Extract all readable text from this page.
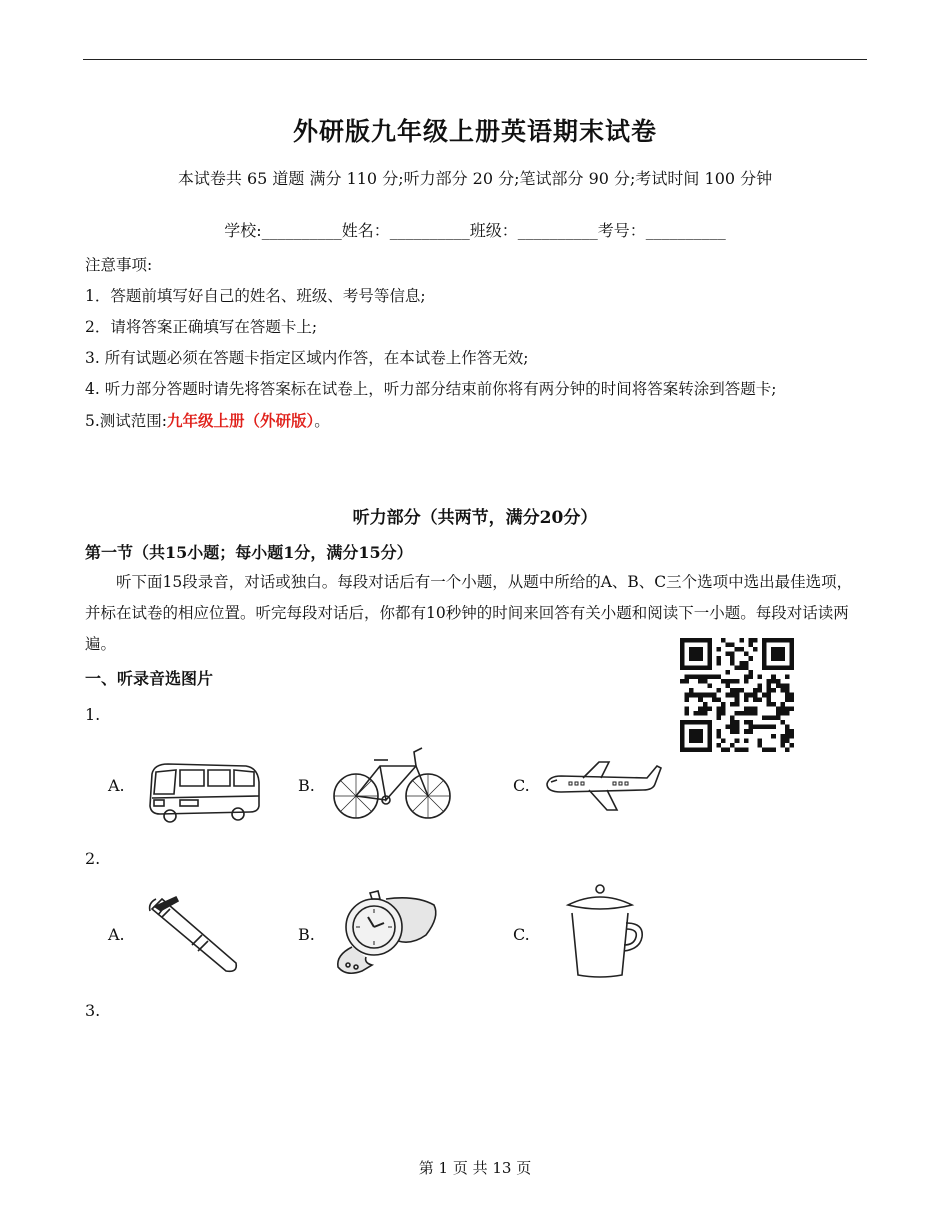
外研版九年级上册英语期末试卷
本试卷共 65 道题 满分 110 分;听力部分 20 分;笔试部分 90 分;考试时间 100 分钟
学校:__________姓名：__________班级：__________考号：__________
注意事项:
1．答题前填写好自己的姓名、班级、考号等信息;
2．请将答案正确填写在答题卡上;
3. 所有试题必须在答题卡指定区域内作答，在本试卷上作答无效;
4. 听力部分答题时请先将答案标在试卷上，听力部分结束前你将有两分钟的时间将答案转涂到答题卡;
5.测试范围:九年级上册（外研版）。
听力部分（共两节，满分20分）
第一节（共15小题；每小题1分，满分15分）
听下面15段录音，对话或独白。每段对话后有一个小题，从题中所给的A、B、C三个选项中选出最佳选项，并标在试卷的相应位置。听完每段对话后，你都有10秒钟的时间来回答有关小题和阅读下一小题。每段对话读两遍。
一、听录音选图片
1.
A.	B.	C.
2.
A.	B.	C.
3.
第 1 页 共 13 页
